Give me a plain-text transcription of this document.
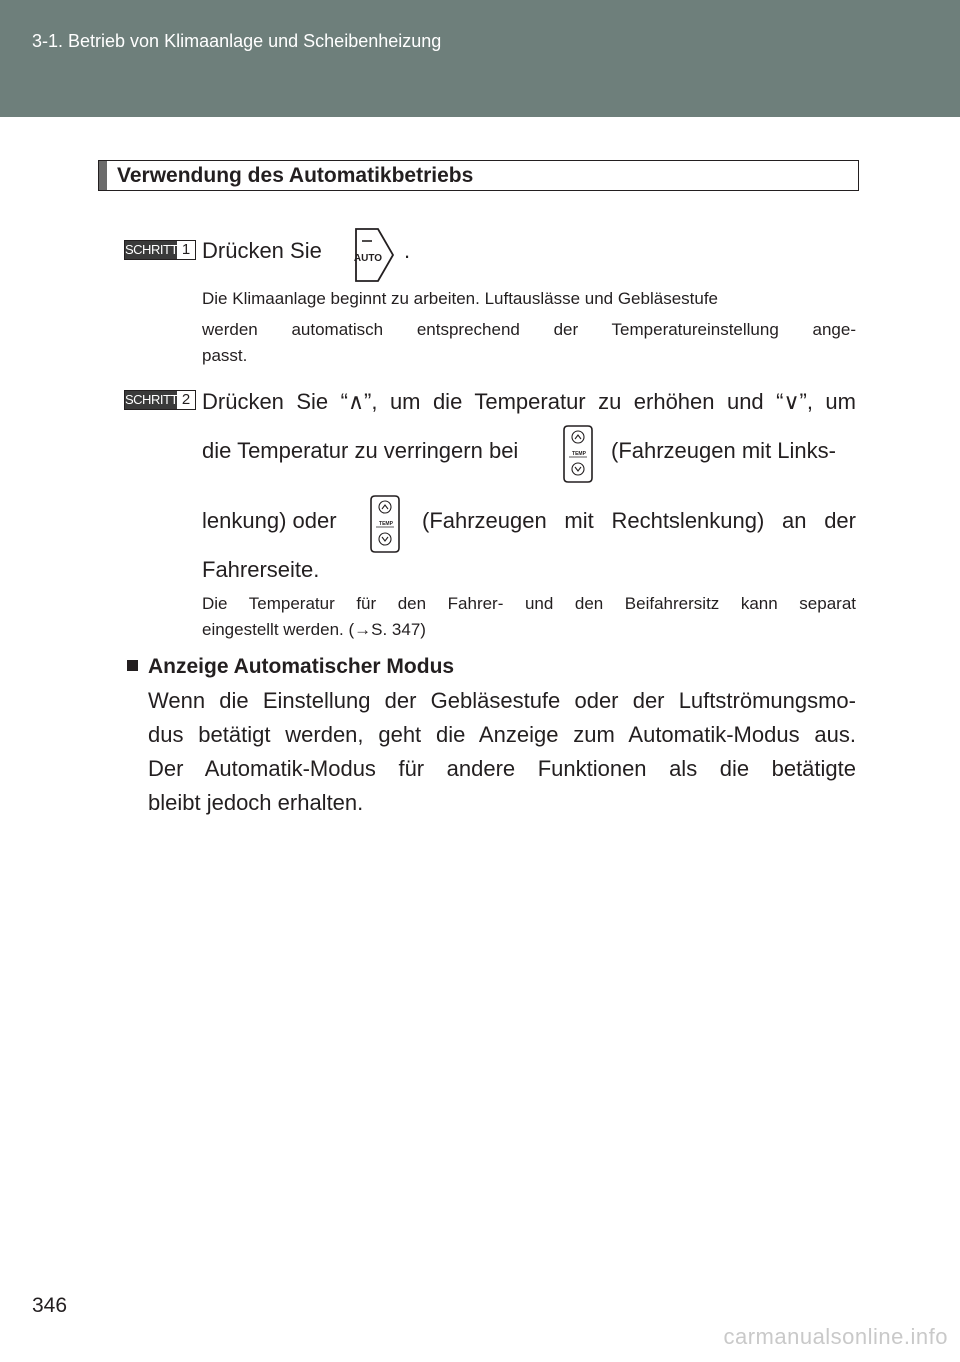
3-1. Betrieb von Klimaanlage und Scheibenheizung
Verwendung des Automatikbetriebs
SCHRITT 1 Drücken Sie	AUTO .
Die Klimaanlage beginnt zu arbeiten. Luftauslässe und Gebläsestufe
werden automatisch entsprechend der Temperatureinstellung ange-
passt.
SCHRITT 2 Drücken Sie “∧”, um die Temperatur zu erhöhen und “∨”, um
die Temperatur zu verringern bei	TEMP (Fahrzeugen mit Links-
lenkung) oder	TEMP (Fahrzeugen mit Rechtslenkung) an der
Fahrerseite.
Die Temperatur für den Fahrer- und den Beifahrersitz kann separat
eingestellt werden. (→S. 347)
Anzeige Automatischer Modus
Wenn die Einstellung der Gebläsestufe oder der Luftströmungsmo-
dus betätigt werden, geht die Anzeige zum Automatik-Modus aus.
Der Automatik-Modus für andere Funktionen als die betätigte
bleibt jedoch erhalten.
346
carmanualsonline.info
